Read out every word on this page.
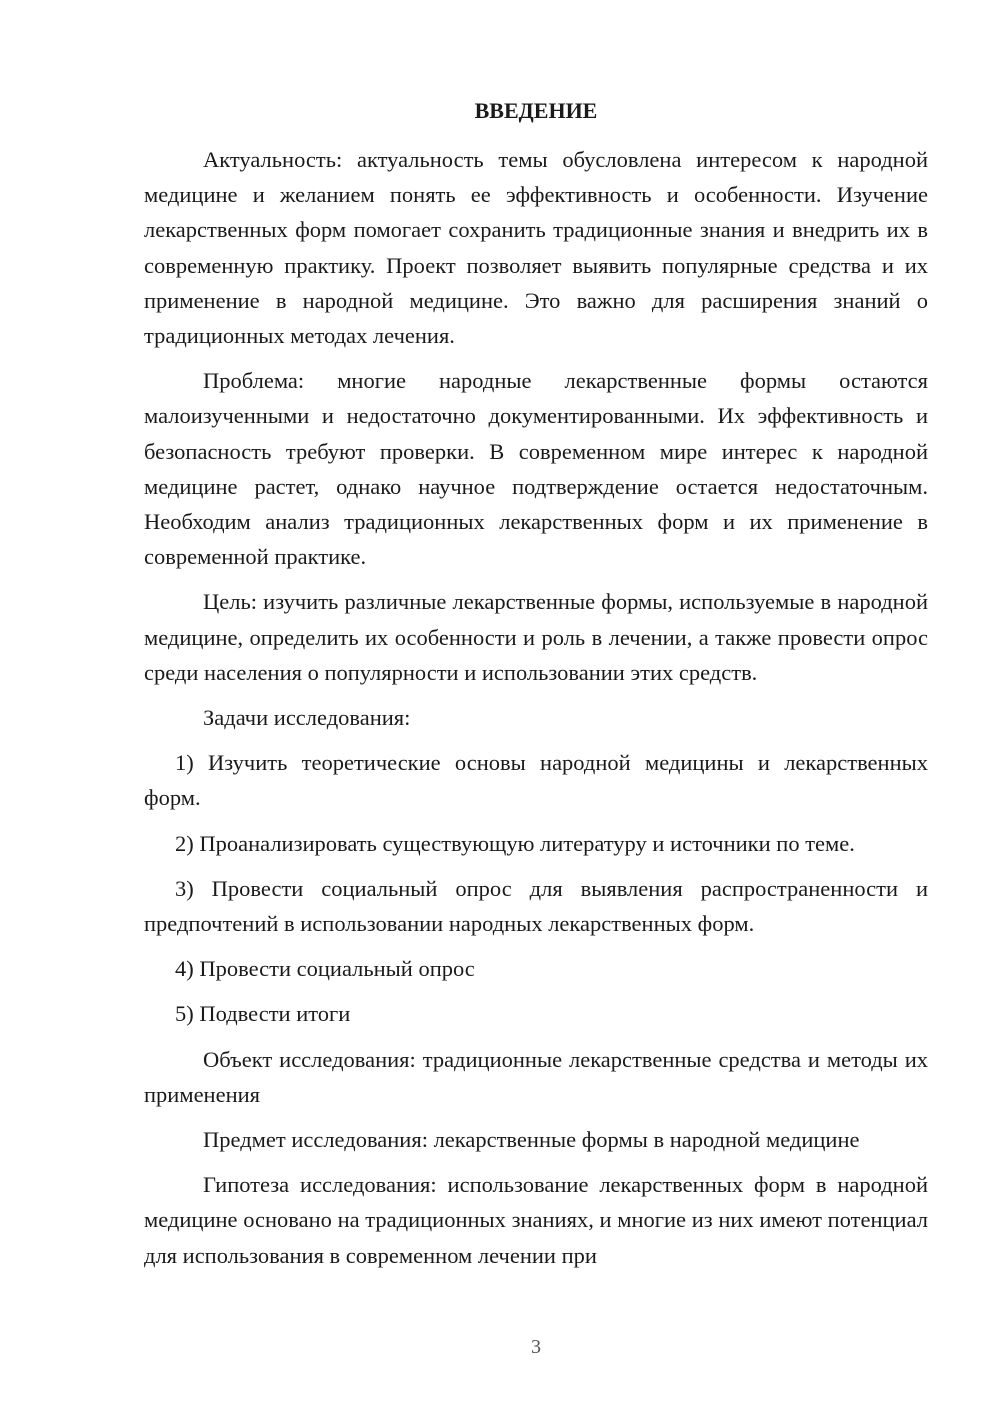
ВВЕДЕНИЕ

Актуальность: актуальность темы обусловлена интересом к народной медицине и желанием понять ее эффективность и особенности. Изучение лекарственных форм помогает сохранить традиционные знания и внедрить их в современную практику. Проект позволяет выявить популярные средства и их применение в народной медицине. Это важно для расширения знаний о традиционных методах лечения.

Проблема: многие народные лекарственные формы остаются малоизученными и недостаточно документированными. Их эффективность и безопасность требуют проверки. В современном мире интерес к народной медицине растет, однако научное подтверждение остается недостаточным. Необходим анализ традиционных лекарственных форм и их применение в современной практике.

Цель: изучить различные лекарственные формы, используемые в народной медицине, определить их особенности и роль в лечении, а также провести опрос среди населения о популярности и использовании этих средств.

Задачи исследования:

1) Изучить теоретические основы народной медицины и лекарственных форм.

2) Проанализировать существующую литературу и источники по теме.

3) Провести социальный опрос для выявления распространенности и предпочтений в использовании народных лекарственных форм.

4) Провести социальный опрос

5) Подвести итоги

Объект исследования: традиционные лекарственные средства и методы их применения

Предмет исследования: лекарственные формы в народной медицине

Гипотеза исследования: использование лекарственных форм в народной медицине основано на традиционных знаниях, и многие из них имеют потенциал для использования в современном лечении при

3
